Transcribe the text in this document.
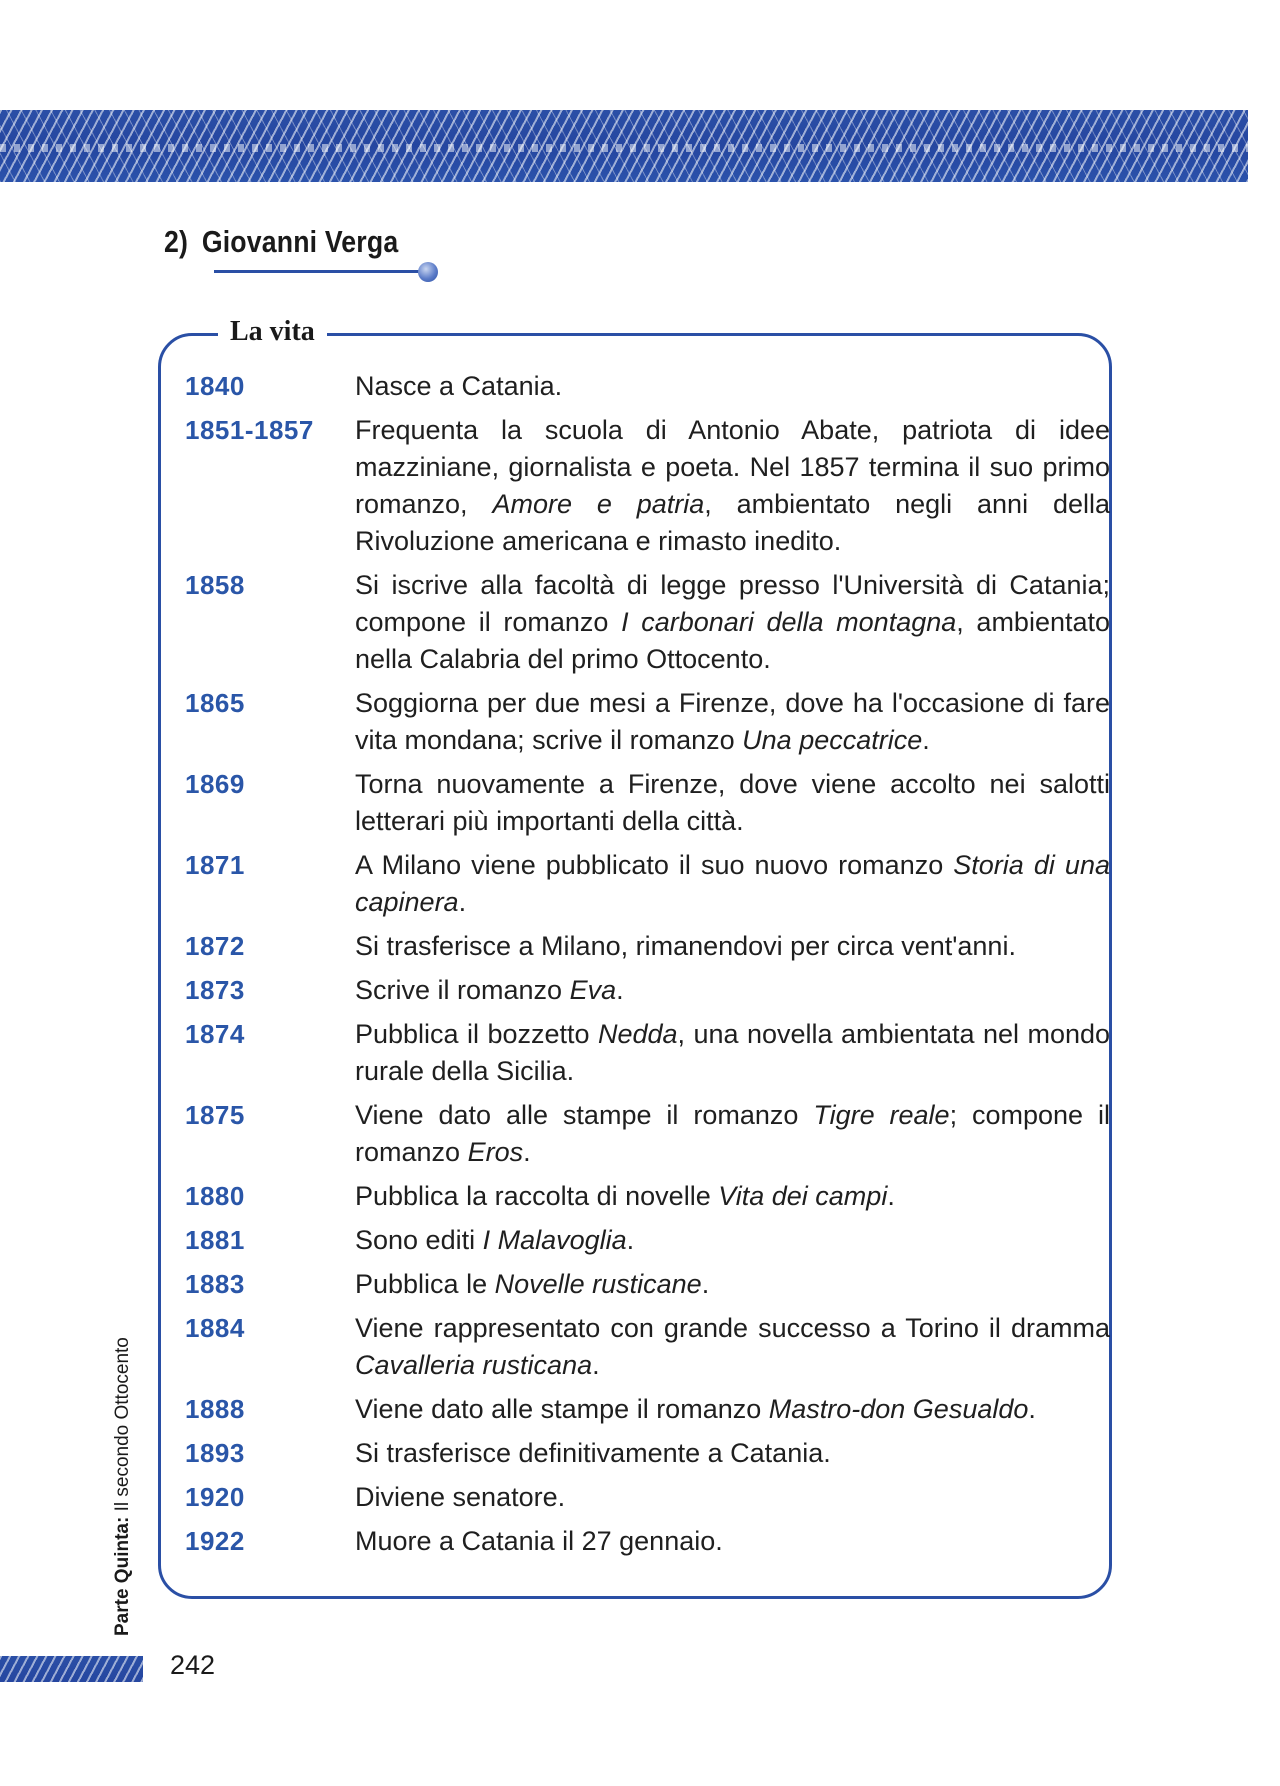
2) Giovanni Verga
La vita
1840	Nasce a Catania.
1851-1857	Frequenta la scuola di Antonio Abate, patriota di idee mazziniane, giornalista e poeta. Nel 1857 termina il suo primo romanzo, Amore e patria, ambientato negli anni della Rivoluzione americana e rimasto inedito.
1858	Si iscrive alla facoltà di legge presso l'Università di Catania; compone il romanzo I carbonari della montagna, ambientato nella Calabria del primo Ottocento.
1865	Soggiorna per due mesi a Firenze, dove ha l'occasione di fare vita mondana; scrive il romanzo Una peccatrice.
1869	Torna nuovamente a Firenze, dove viene accolto nei salotti letterari più importanti della città.
1871	A Milano viene pubblicato il suo nuovo romanzo Storia di una capinera.
1872	Si trasferisce a Milano, rimanendovi per circa vent'anni.
1873	Scrive il romanzo Eva.
1874	Pubblica il bozzetto Nedda, una novella ambientata nel mondo rurale della Sicilia.
1875	Viene dato alle stampe il romanzo Tigre reale; compone il romanzo Eros.
1880	Pubblica la raccolta di novelle Vita dei campi.
1881	Sono editi I Malavoglia.
1883	Pubblica le Novelle rusticane.
1884	Viene rappresentato con grande successo a Torino il dramma Cavalleria rusticana.
1888	Viene dato alle stampe il romanzo Mastro-don Gesualdo.
1893	Si trasferisce definitivamente a Catania.
1920	Diviene senatore.
1922	Muore a Catania il 27 gennaio.
Parte Quinta: Il secondo Ottocento
242
